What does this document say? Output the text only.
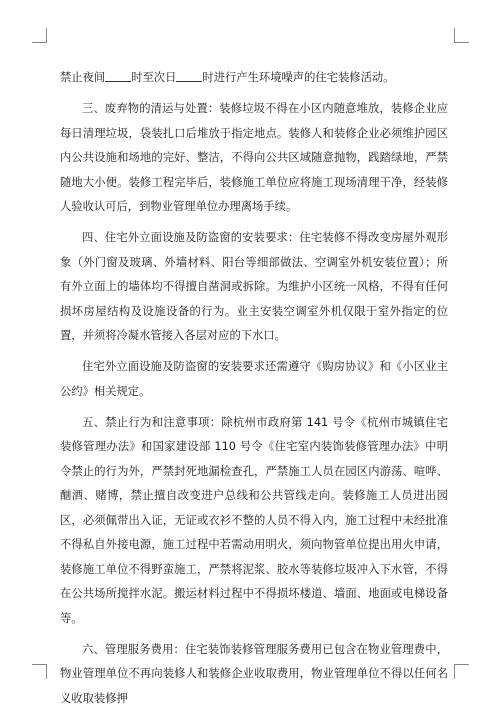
禁止夜间 时至次日 时进行产生环境噪声的住宅装修活动。

三、废弃物的清运与处置：装修垃圾不得在小区内随意堆放，装修企业应每日清理垃圾，袋装扎口后堆放于指定地点。装修人和装修企业必须维护园区内公共设施和场地的完好、整洁，不得向公共区域随意抛物，践踏绿地，严禁随地大小便。装修工程完毕后，装修施工单位应将施工现场清理干净，经装修人验收认可后，到物业管理单位办理离场手续。

四、住宅外立面设施及防盗窗的安装要求：住宅装修不得改变房屋外观形象（外门窗及玻璃、外墙材料、阳台等细部做法、空调室外机安装位置）；所有外立面上的墙体均不得擅自凿洞或拆除。为维护小区统一风格，不得有任何损坏房屋结构及设施设备的行为。业主安装空调室外机仅限于室外指定的位置，并须将冷凝水管接入各层对应的下水口。

住宅外立面设施及防盗窗的安装要求还需遵守《购房协议》和《小区业主公约》相关规定。

五、禁止行为和注意事项：除杭州市政府第 141 号令《杭州市城镇住宅装修管理办法》和国家建设部 110 号令《住宅室内装饰装修管理办法》中明令禁止的行为外，严禁封死地漏检查孔，严禁施工人员在园区内游荡、喧哗、酗酒、赌博，禁止擅自改变进户总线和公共管线走向。装修施工人员进出园区，必须佩带出入证，无证或衣衫不整的人员不得入内，施工过程中未经批准不得私自外接电源，施工过程中若需动用明火，须向物管单位提出用火申请，装修施工单位不得野蛮施工，严禁将泥浆、胶水等装修垃圾冲入下水管，不得在公共场所搅拌水泥。搬运材料过程中不得损坏楼道、墙面、地面或电梯设备等。

六、管理服务费用：住宅装饰装修管理服务费用已包含在物业管理费中，物业管理单位不再向装修人和装修企业收取费用，物业管理单位不得以任何名义收取装修押
